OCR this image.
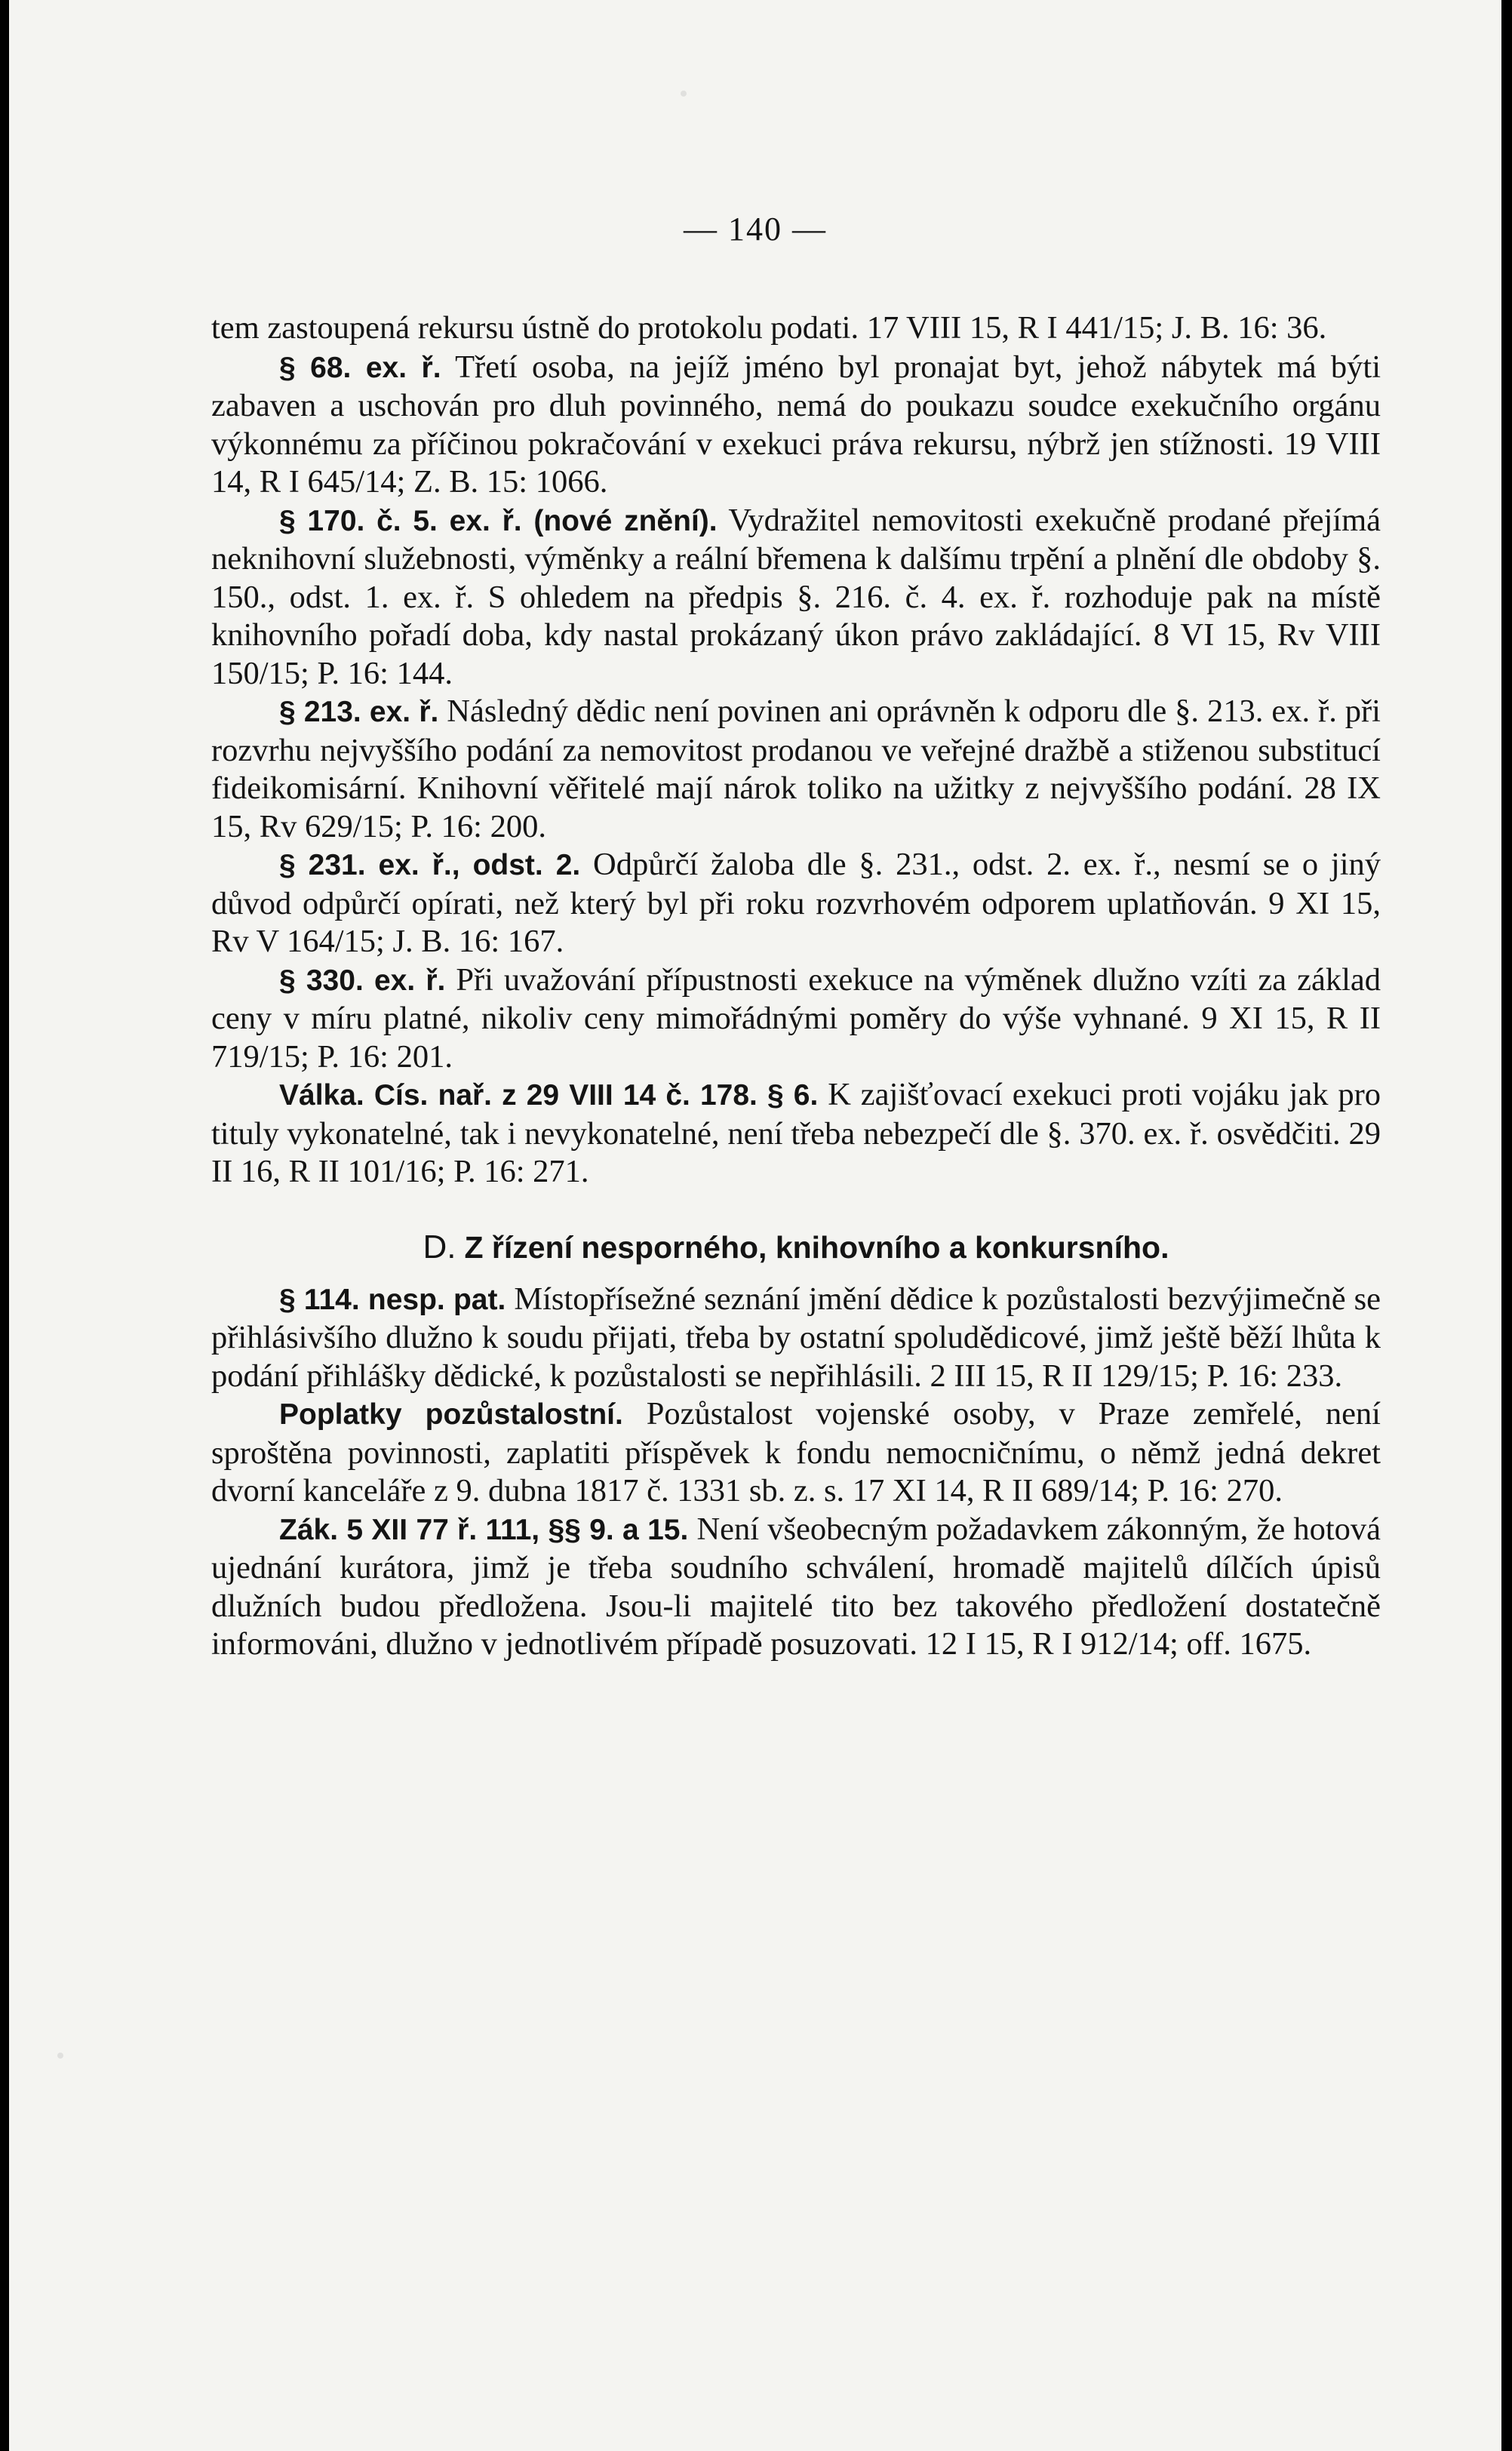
— 140 —

tem zastoupená rekursu ústně do protokolu podati. 17 VIII 15, R I 441/15; J. B. 16: 36.

§ 68. ex. ř. Třetí osoba, na jejíž jméno byl pronajat byt, jehož nábytek má býti zabaven a uschován pro dluh povinného, nemá do poukazu soudce exekučního orgánu výkonnému za příčinou pokračování v exekuci práva rekursu, nýbrž jen stížnosti. 19 VIII 14, R I 645/14; Z. B. 15: 1066.

§ 170. č. 5. ex. ř. (nové znění). Vydražitel nemovitosti exekučně prodané přejímá neknihovní služebnosti, výměnky a reální břemena k dalšímu trpění a plnění dle obdoby §. 150., odst. 1. ex. ř. S ohledem na předpis §. 216. č. 4. ex. ř. rozhoduje pak na místě knihovního pořadí doba, kdy nastal prokázaný úkon právo zakládající. 8 VI 15, Rv VIII 150/15; P. 16: 144.

§ 213. ex. ř. Následný dědic není povinen ani oprávněn k odporu dle §. 213. ex. ř. při rozvrhu nejvyššího podání za nemovitost prodanou ve veřejné dražbě a stiženou substitucí fideikomisární. Knihovní věřitelé mají nárok toliko na užitky z nejvyššího podání. 28 IX 15, Rv 629/15; P. 16: 200.

§ 231. ex. ř., odst. 2. Odpůrčí žaloba dle §. 231., odst. 2. ex. ř., nesmí se o jiný důvod odpůrčí opírati, než který byl při roku rozvrhovém odporem uplatňován. 9 XI 15, Rv V 164/15; J. B. 16: 167.

§ 330. ex. ř. Při uvažování přípustnosti exekuce na výměnek dlužno vzíti za základ ceny v míru platné, nikoliv ceny mimořádnými poměry do výše vyhnané. 9 XI 15, R II 719/15; P. 16: 201.

Válka. Cís. nař. z 29 VIII 14 č. 178. § 6. K zajišťovací exekuci proti vojáku jak pro tituly vykonatelné, tak i nevykonatelné, není třeba nebezpečí dle §. 370. ex. ř. osvědčiti. 29 II 16, R II 101/16; P. 16: 271.

D. Z řízení nesporného, knihovního a konkursního.

§ 114. nesp. pat. Místopřísežné seznání jmění dědice k pozůstalosti bezvýjimečně se přihlásivšího dlužno k soudu přijati, třeba by ostatní spoludědicové, jimž ještě běží lhůta k podání přihlášky dědické, k pozůstalosti se nepřihlásili. 2 III 15, R II 129/15; P. 16: 233.

Poplatky pozůstalostní. Pozůstalost vojenské osoby, v Praze zemřelé, není sproštěna povinnosti, zaplatiti příspěvek k fondu nemocničnímu, o němž jedná dekret dvorní kanceláře z 9. dubna 1817 č. 1331 sb. z. s. 17 XI 14, R II 689/14; P. 16: 270.

Zák. 5 XII 77 ř. 111, §§ 9. a 15. Není všeobecným požadavkem zákonným, že hotová ujednání kurátora, jimž je třeba soudního schválení, hromadě majitelů dílčích úpisů dlužních budou předložena. Jsou-li majitelé tito bez takového předložení dostatečně informováni, dlužno v jednotlivém případě posuzovati. 12 I 15, R I 912/14; off. 1675.
